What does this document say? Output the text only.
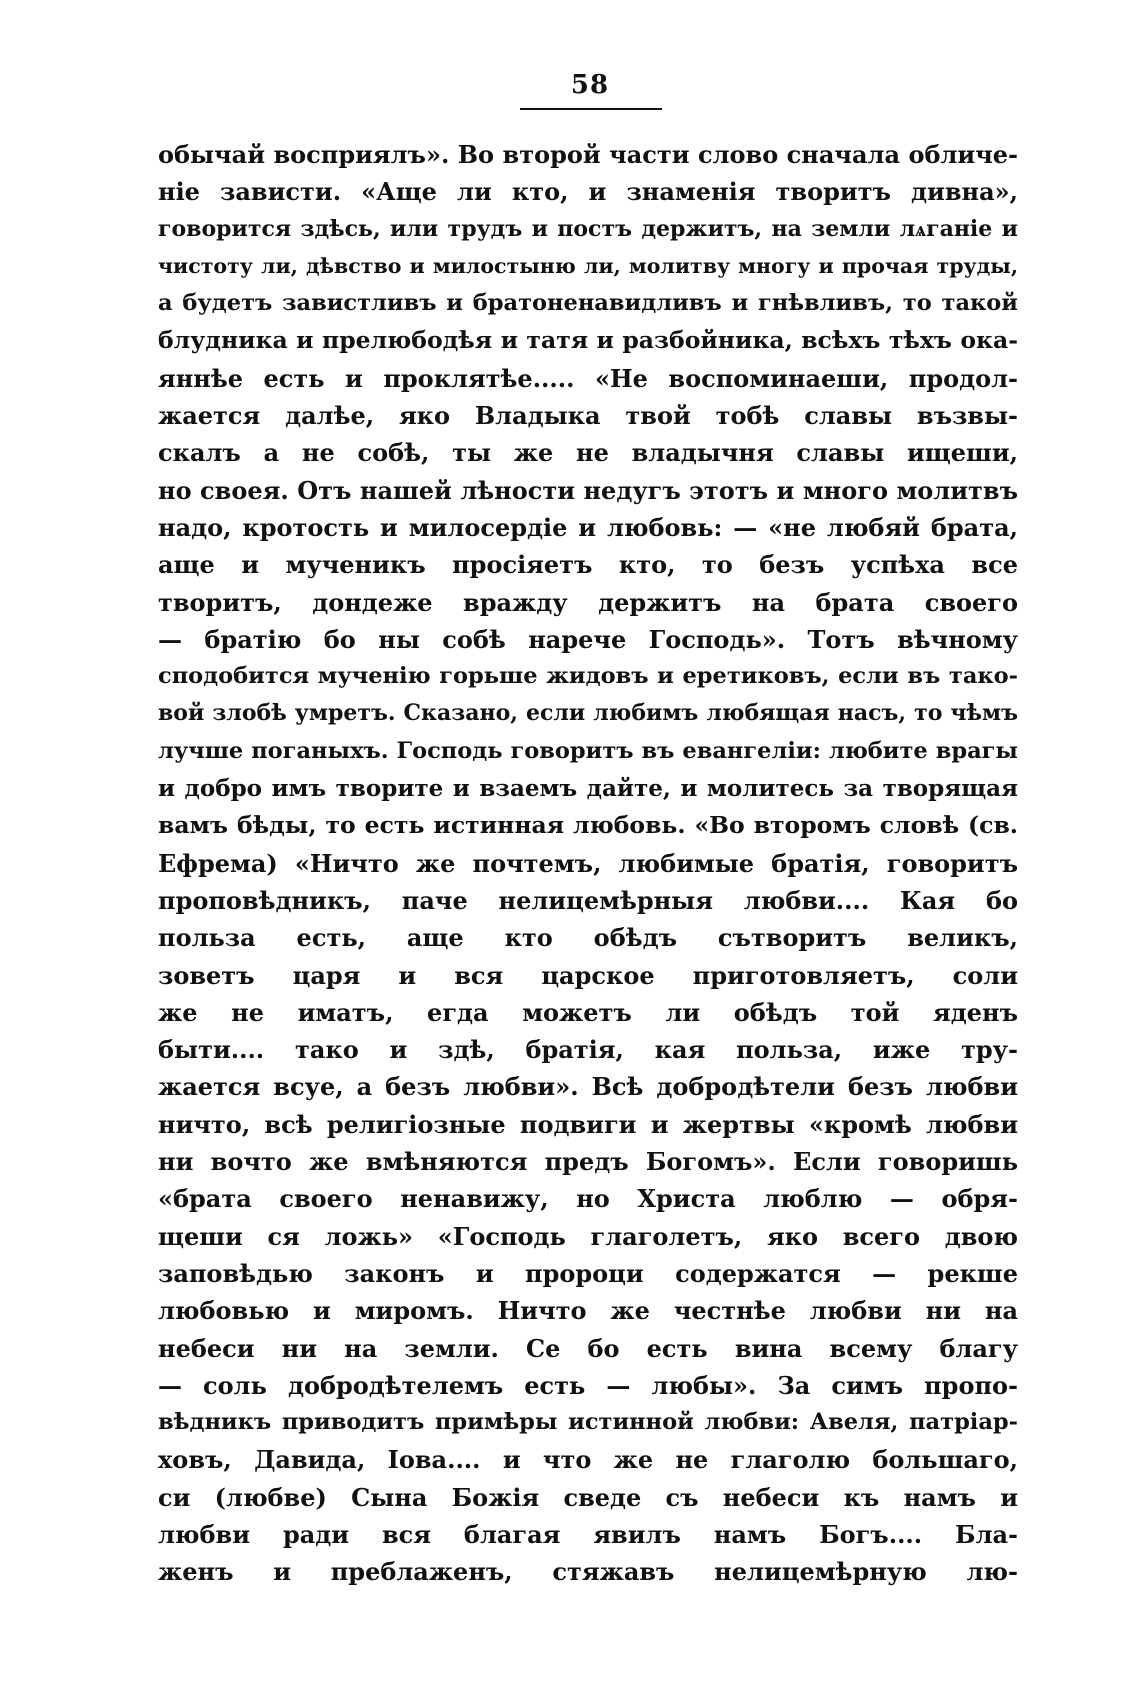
58
обычай восприялъ». Во второй части слово сначала обличе-
ніе зависти. «Аще ли кто, и знаменія творитъ дивна»,
говорится здѣсь, или трудъ и постъ держитъ, на земли лѧганіе и
чистоту ли, дѣвство и милостыню ли, молитву многу и прочая труды,
а будетъ завистливъ и братоненавидливъ и гнѣвливъ, то такой
блудника и прелюбодѣя и татя и разбойника, всѣхъ тѣхъ ока-
яннѣе есть и проклятѣе..... «Не воспоминаеши, продол-
жается далѣе, яко Владыка твой тобѣ славы възвы-
скалъ а не собѣ, ты же не владычня славы ищеши,
но своея. Отъ нашей лѣности недугъ этотъ и много молитвъ
надо, кротость и милосердіе и любовь: — «не любяй брата,
аще и мученикъ просіяетъ кто, то безъ успѣха все
творитъ, дондеже вражду держитъ на брата своего
— братію бо ны собѣ нарече Господь». Тотъ вѣчному
сподобится мученію горьше жидовъ и еретиковъ, если въ тако-
вой злобѣ умретъ. Сказано, если любимъ любящая насъ, то чѣмъ
лучше поганыхъ. Господь говоритъ въ евангеліи: любите врагы
и добро имъ творите и взаемъ дайте, и молитесь за творящая
вамъ бѣды, то есть истинная любовь. «Во второмъ словѣ (св.
Ефрема) «Ничто же почтемъ, любимые братія, говоритъ
проповѣдникъ, паче нелицемѣрныя любви.... Кая бо
польза есть, аще кто обѣдъ сътворитъ великъ,
зоветъ царя и вся царское приготовляетъ, соли
же не иматъ, егда можетъ ли обѣдъ той яденъ
быти.... тако и здѣ, братія, кая польза, иже тру-
жается всуе, а безъ любви». Всѣ добродѣтели безъ любви
ничто, всѣ религіозные подвиги и жертвы «кромѣ любви
ни вочто же вмѣняются предъ Богомъ». Если говоришь
«брата своего ненавижу, но Христа люблю — обря-
щеши ся ложь» «Господь глаголетъ, яко всего двою
заповѣдью законъ и пророци содержатся — рекше
любовью и миромъ. Ничто же честнѣе любви ни на
небеси ни на земли. Се бо есть вина всему благу
— соль добродѣтелемъ есть — любы». За симъ пропо-
вѣдникъ приводитъ примѣры истинной любви: Авеля, патріар-
ховъ, Давида, Іова.... и что же не глаголю большаго,
си (любве) Сына Божія сведе съ небеси къ намъ и
любви ради вся благая явилъ намъ Богъ.... Бла-
женъ и преблаженъ, стяжавъ нелицемѣрную лю-
